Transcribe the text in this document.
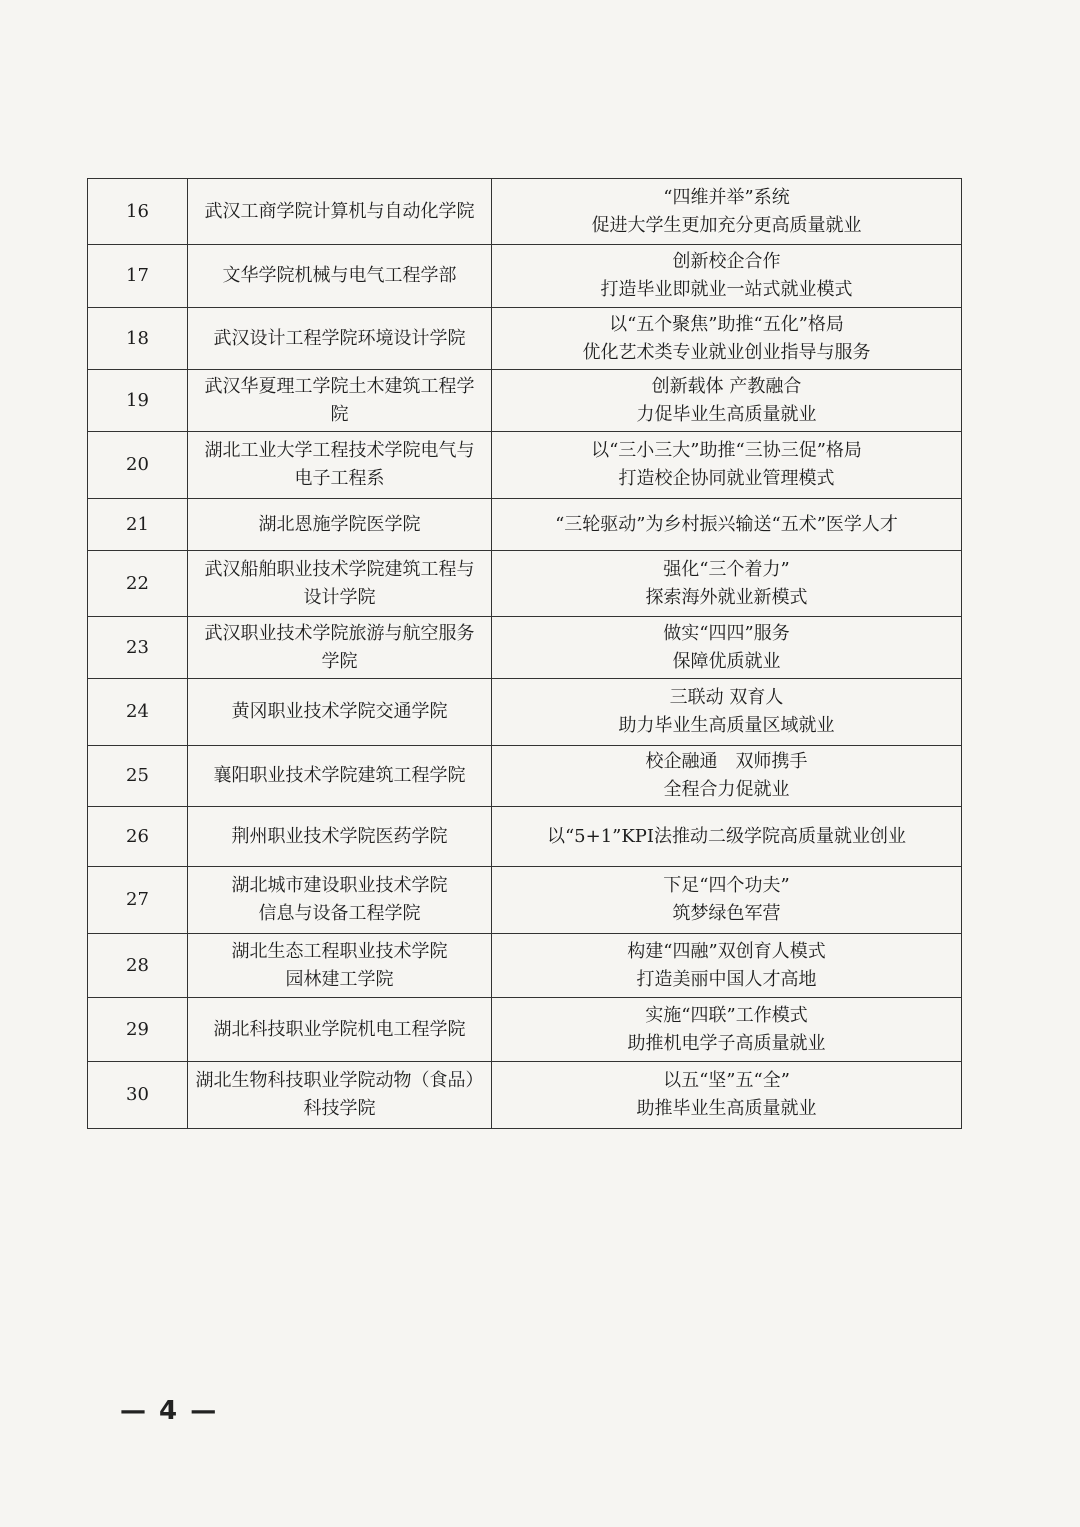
16	武汉工商学院计算机与自动化学院	“四维并举”系统
促进大学生更加充分更高质量就业

17	文华学院机械与电气工程学部	创新校企合作
打造毕业即就业一站式就业模式

18	武汉设计工程学院环境设计学院	以“五个聚焦”助推“五化”格局
优化艺术类专业就业创业指导与服务

19	武汉华夏理工学院土木建筑工程学
院	创新载体 产教融合
力促毕业生高质量就业

20	湖北工业大学工程技术学院电气与
电子工程系	以“三小三大”助推“三协三促”格局
打造校企协同就业管理模式

21	湖北恩施学院医学院	“三轮驱动”为乡村振兴输送“五术”医学人才

22	武汉船舶职业技术学院建筑工程与
设计学院	强化“三个着力”
探索海外就业新模式

23	武汉职业技术学院旅游与航空服务
学院	做实“四四”服务
保障优质就业

24	黄冈职业技术学院交通学院	三联动 双育人
助力毕业生高质量区域就业

25	襄阳职业技术学院建筑工程学院	校企融通　双师携手
全程合力促就业

26	荆州职业技术学院医药学院	以“5+1”KPI法推动二级学院高质量就业创业

27	湖北城市建设职业技术学院
信息与设备工程学院	下足“四个功夫”
筑梦绿色军营

28	湖北生态工程职业技术学院
园林建工学院	构建“四融”双创育人模式
打造美丽中国人才高地

29	湖北科技职业学院机电工程学院	实施“四联”工作模式
助推机电学子高质量就业

30	湖北生物科技职业学院动物（食品）
科技学院	以五“坚”五“全”
助推毕业生高质量就业
— 4 —
